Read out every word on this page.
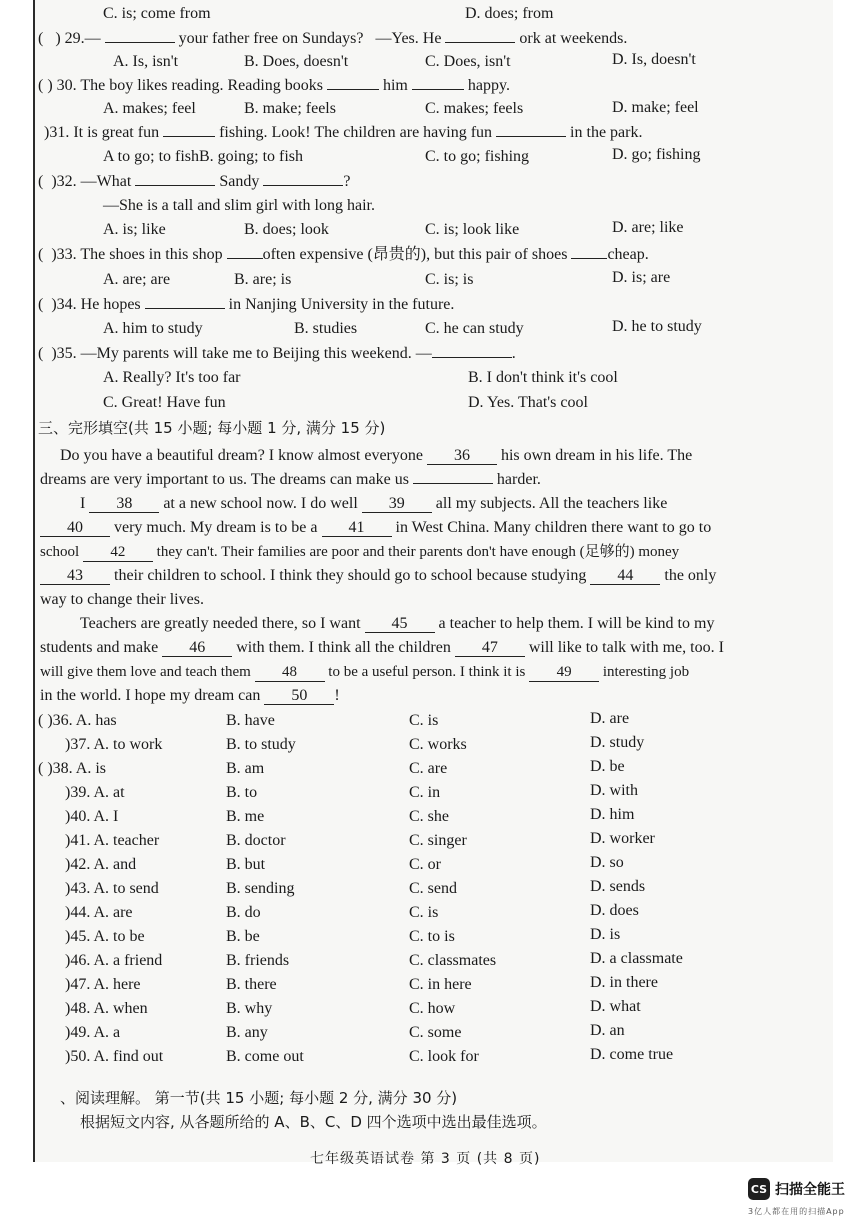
C. is; come from	D. does; from
( ) 29.—	your father free on Sundays? —Yes. He	ork at weekends.
A. Is, isn't	B. Does, doesn't	C. Does, isn't	D. Is, doesn't
( ) 30. The boy likes reading. Reading books	him	happy.
A. makes; feel	B. make; feels	C. makes; feels	D. make; feel
)31. It is great fun	fishing. Look! The children are having fun	in the park.
A to go; to fishB. going; to fish	C. to go; fishing	D. go; fishing
( )32. —What	Sandy	?
—She is a tall and slim girl with long hair.
A. is; like	B. does; look	C. is; look like	D. are; like
( )33. The shoes in this shop	often expensive (昂贵的), but this pair of shoes	cheap.
A. are; are	B. are; is	C. is; is	D. is; are
( )34. He hopes	in Nanjing University in the future.
A. him to study	B. studies	C. he can study	D. he to study
( )35. —My parents will take me to Beijing this weekend. —	.
A. Really? It's too far	B. I don't think it's cool
C. Great! Have fun	D. Yes. That's cool
三、完形填空(共 15 小题; 每小题 1 分, 满分 15 分)
Do you have a beautiful dream? I know almost everyone 36 his own dream in his life. The
dreams are very important to us. The dreams can make us	harder.
I 38 at a new school now. I do well 39 all my subjects. All the teachers like
40 very much. My dream is to be a 41 in West China. Many children there want to go to
school 42 they can't. Their families are poor and their parents don't have enough (足够的) money
43 their children to school. I think they should go to school because studying 44 the only
way to change their lives.
Teachers are greatly needed there, so I want 45 a teacher to help them. I will be kind to my
students and make 46 with them. I think all the children 47 will like to talk with me, too. I
will give them love and teach them 48 to be a useful person. I think it is 49 interesting job
in the world. I hope my dream can 50 !
( )36. A. has	B. have	C. is	D. are
)37. A. to work	B. to study	C. works	D. study
( )38. A. is	B. am	C. are	D. be
)39. A. at	B. to	C. in	D. with
)40. A. I	B. me	C. she	D. him
)41. A. teacher	B. doctor	C. singer	D. worker
)42. A. and	B. but	C. or	D. so
)43. A. to send	B. sending	C. send	D. sends
)44. A. are	B. do	C. is	D. does
)45. A. to be	B. be	C. to is	D. is
)46. A. a friend	B. friends	C. classmates	D. a classmate
)47. A. here	B. there	C. in here	D. in there
)48. A. when	B. why	C. how	D. what
)49. A. a	B. any	C. some	D. an
)50. A. find out	B. come out	C. look for	D. come true
、阅读理解。 第一节(共 15 小题; 每小题 2 分, 满分 30 分)
根据短文内容, 从各题所给的 A、B、C、D 四个选项中选出最佳选项。
七年级英语试卷 第 3 页 (共 8 页)
CS 扫描全能王
3亿人都在用的扫描App
